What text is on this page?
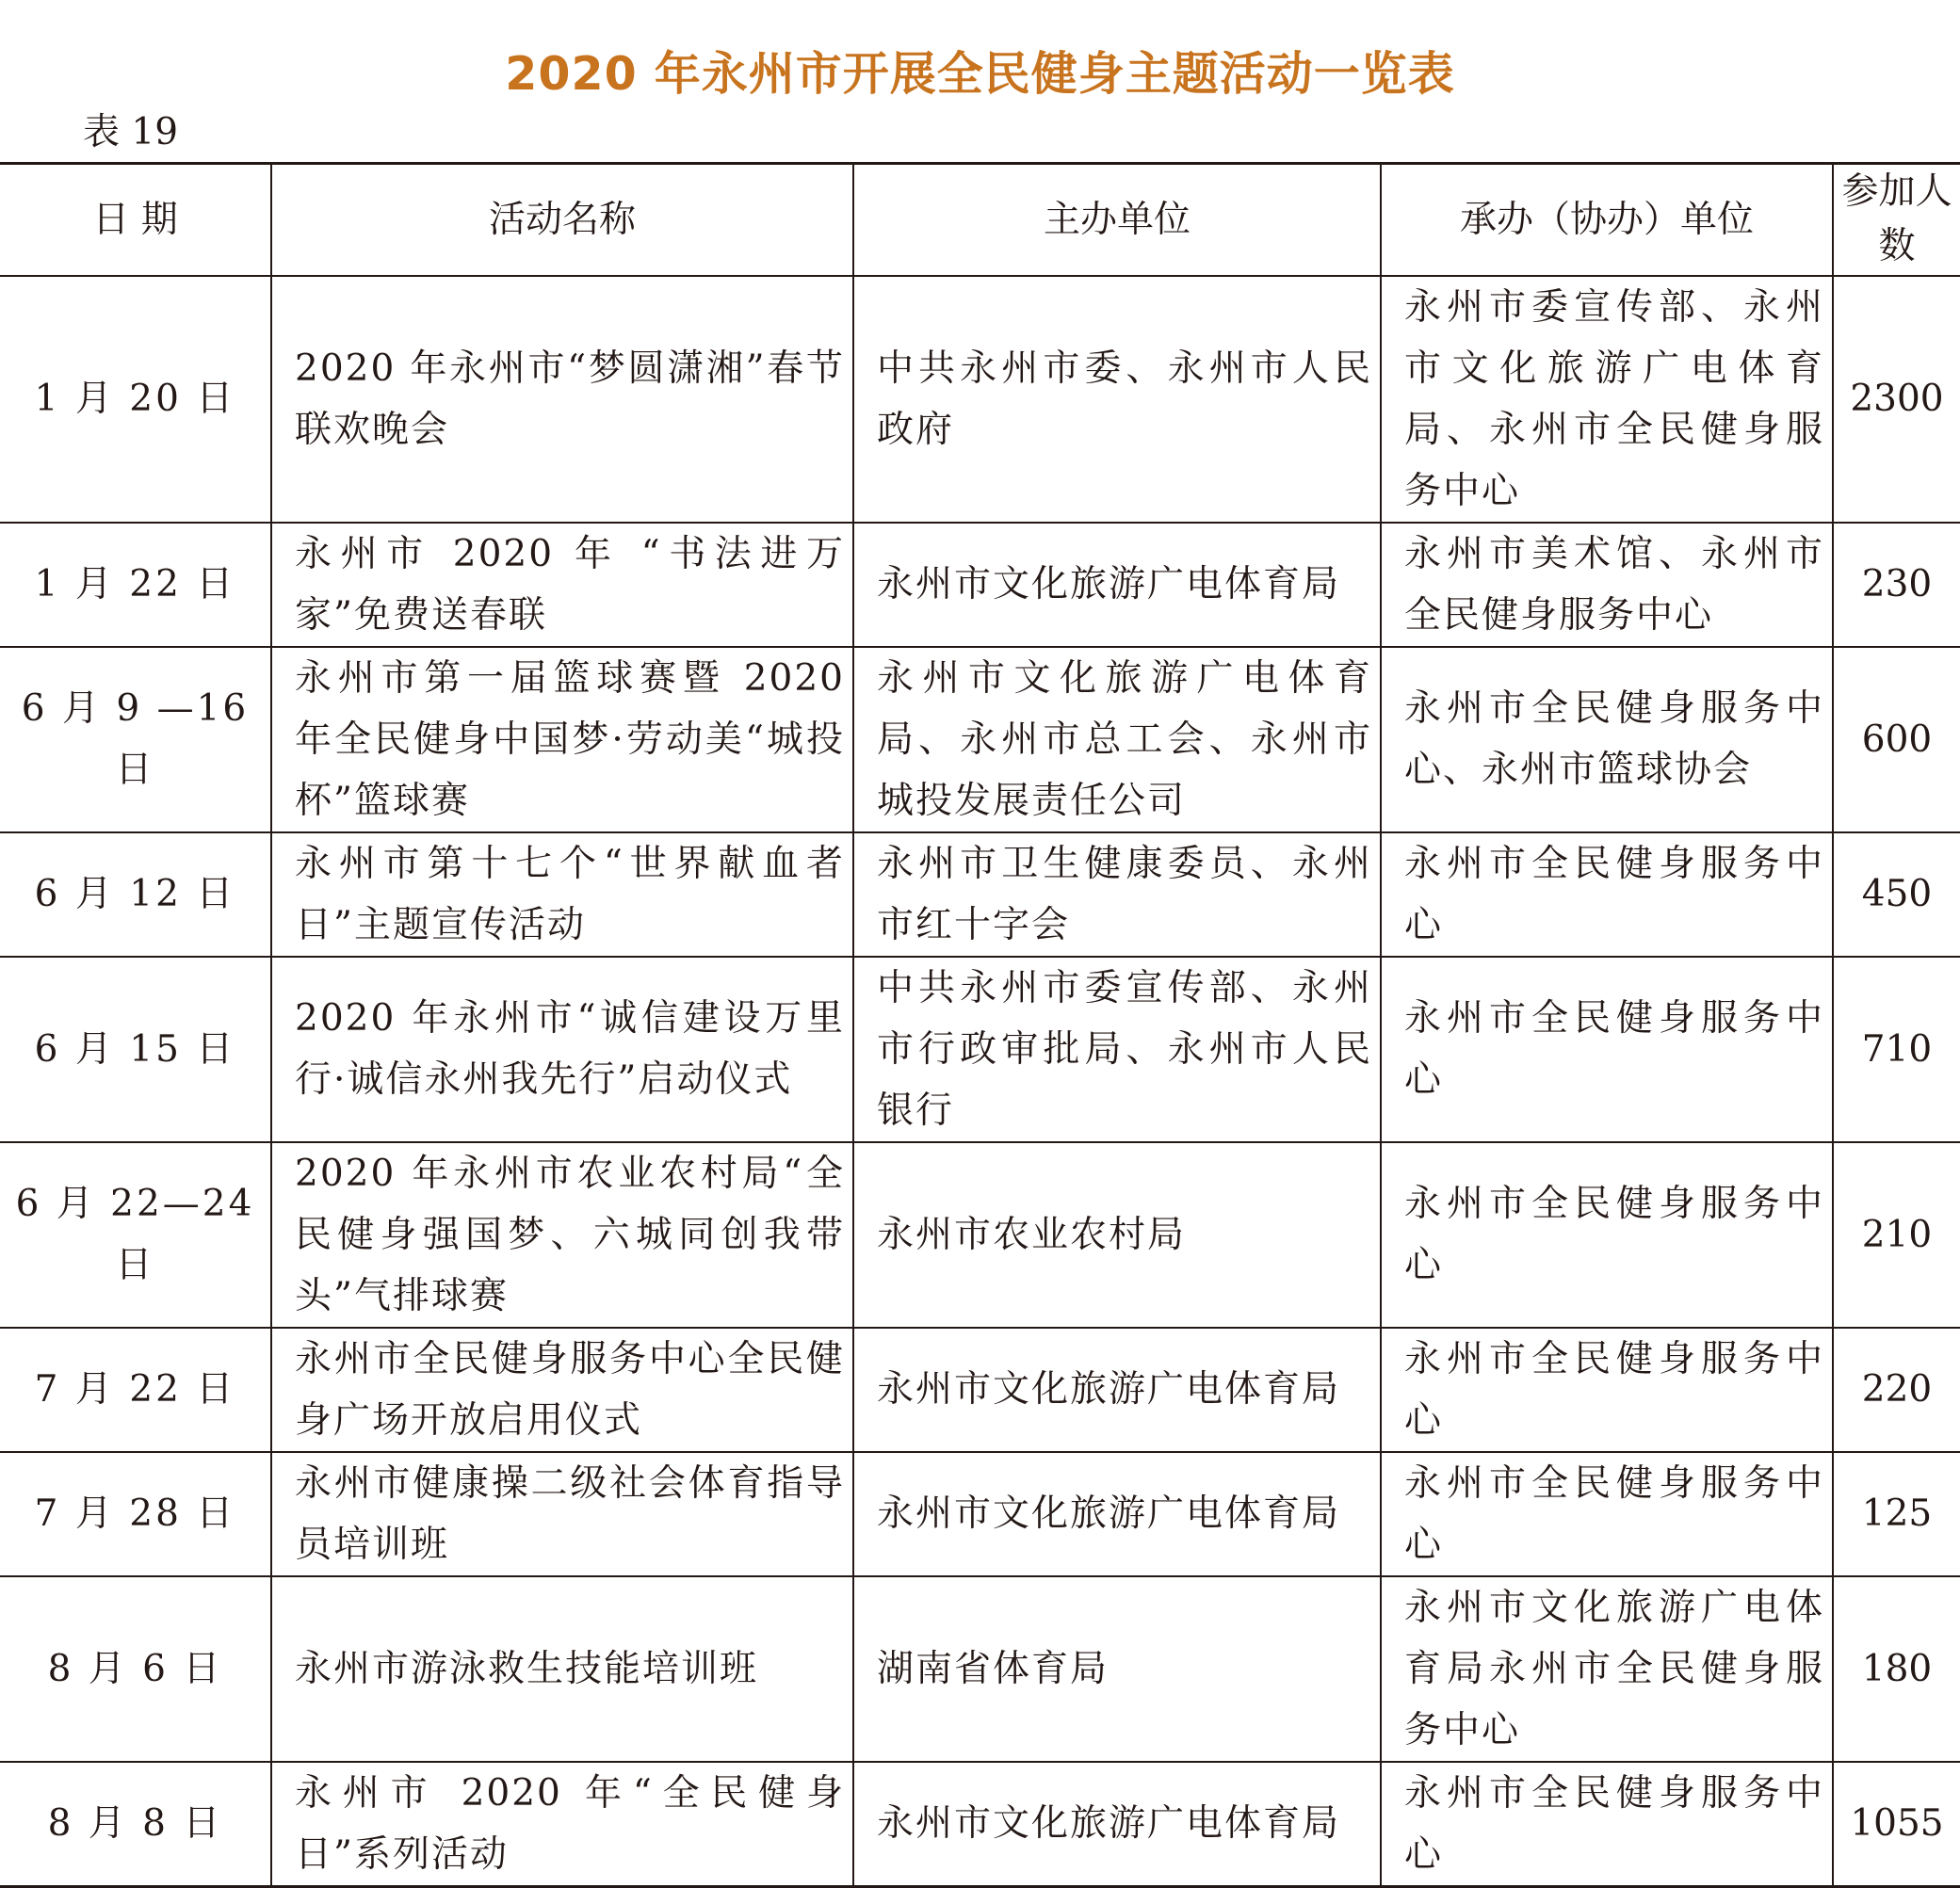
2020 年永州市开展全民健身主题活动一览表
表 19
日 期	活动名称	主办单位	承办（协办）单位	参加人数
1 月 20 日	2020 年永州市“梦圆潇湘”春节联欢晚会	中共永州市委、永州市人民政府	永州市委宣传部、永州市文化旅游广电体育局、永州市全民健身服务中心	2300
1 月 22 日	永州市 2020 年 “书法进万家”免费送春联	永州市文化旅游广电体育局	永州市美术馆、永州市全民健身服务中心	230
6 月 9 —16 日	永州市第一届篮球赛暨 2020 年全民健身中国梦·劳动美“城投杯”篮球赛	永州市文化旅游广电体育局、永州市总工会、永州市城投发展责任公司	永州市全民健身服务中心、永州市篮球协会	600
6 月 12 日	永州市第十七个“世界献血者日”主题宣传活动	永州市卫生健康委员、永州市红十字会	永州市全民健身服务中心	450
6 月 15 日	2020 年永州市“诚信建设万里行·诚信永州我先行”启动仪式	中共永州市委宣传部、永州市行政审批局、永州市人民银行	永州市全民健身服务中心	710
6 月 22—24 日	2020 年永州市农业农村局“全民健身强国梦、六城同创我带头”气排球赛	永州市农业农村局	永州市全民健身服务中心	210
7 月 22 日	永州市全民健身服务中心全民健身广场开放启用仪式	永州市文化旅游广电体育局	永州市全民健身服务中心	220
7 月 28 日	永州市健康操二级社会体育指导员培训班	永州市文化旅游广电体育局	永州市全民健身服务中心	125
8 月 6 日	永州市游泳救生技能培训班	湖南省体育局	永州市文化旅游广电体育局永州市全民健身服务中心	180
8 月 8 日	永州市 2020 年“全民健身日”系列活动	永州市文化旅游广电体育局	永州市全民健身服务中心	1055
